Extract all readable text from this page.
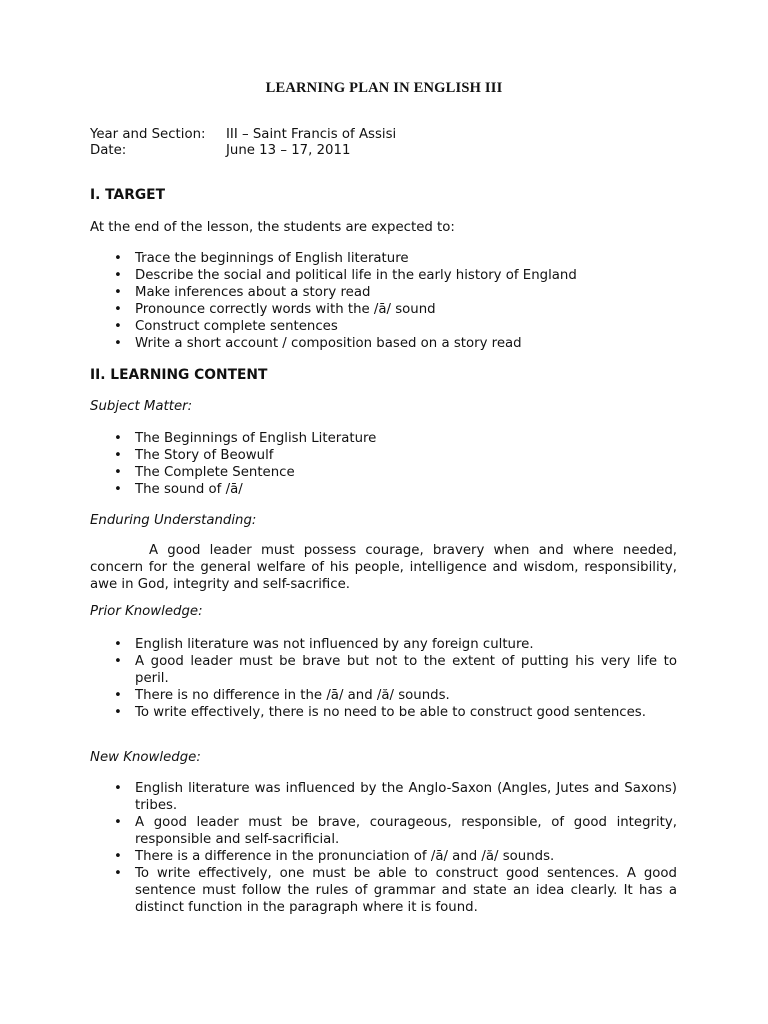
LEARNING PLAN IN ENGLISH III
Year and Section: III – Saint Francis of Assisi
Date:	June 13 – 17, 2011
I. TARGET
At the end of the lesson, the students are expected to:
• Trace the beginnings of English literature
• Describe the social and political life in the early history of England
• Make inferences about a story read
• Pronounce correctly words with the /ā/ sound
• Construct complete sentences
• Write a short account / composition based on a story read
II. LEARNING CONTENT
Subject Matter:
• The Beginnings of English Literature
• The Story of Beowulf
• The Complete Sentence
• The sound of /ā/
Enduring Understanding:
A good leader must possess courage, bravery when and where needed, concern for the general welfare of his people, intelligence and wisdom, responsibility, awe in God, integrity and self-sacrifice.
Prior Knowledge:
• English literature was not influenced by any foreign culture.
• A good leader must be brave but not to the extent of putting his very life to peril.
• There is no difference in the /ā/ and /ă/ sounds.
• To write effectively, there is no need to be able to construct good sentences.
New Knowledge:
• English literature was influenced by the Anglo-Saxon (Angles, Jutes and Saxons) tribes.
• A good leader must be brave, courageous, responsible, of good integrity, responsible and self-sacrificial.
• There is a difference in the pronunciation of /ā/ and /ă/ sounds.
• To write effectively, one must be able to construct good sentences. A good sentence must follow the rules of grammar and state an idea clearly. It has a distinct function in the paragraph where it is found.
